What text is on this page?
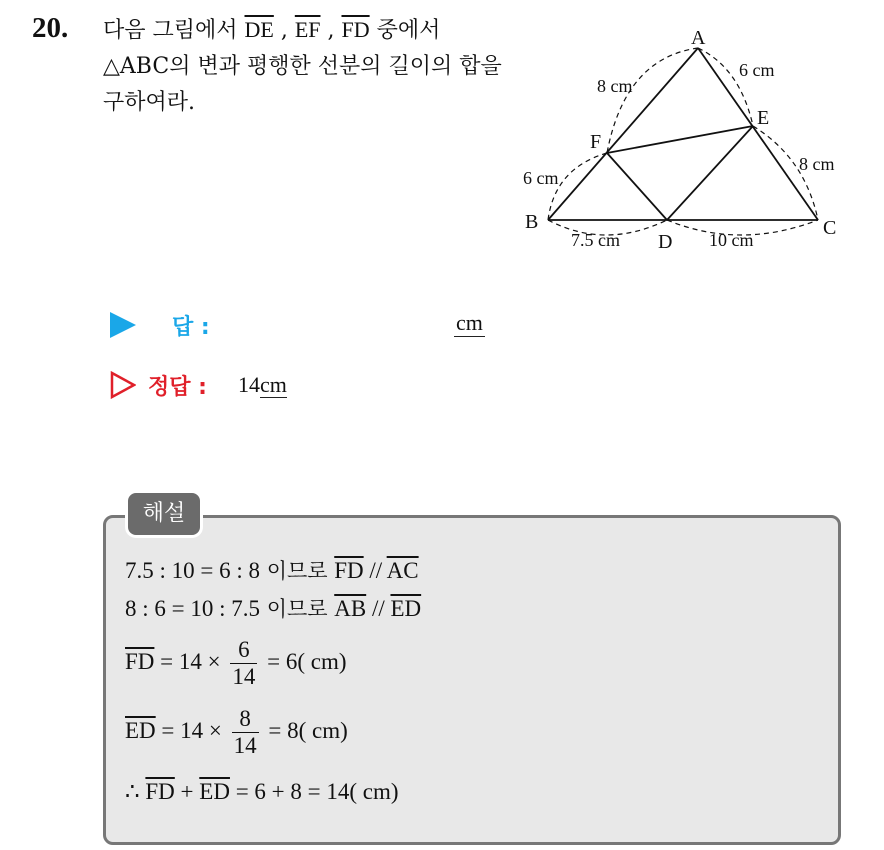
20. 다음 그림에서 $\overline{DE}$ , $\overline{EF}$ , $\overline{FD}$ 중에서 △ABC의 변과 평행한 선분의 길이의 합을 구하여라.
A
B	C
D
E
F
8 cm
6 cm
6 cm
8 cm
7.5 cm	10 cm
답 :	cm
정답 : 14cm
해설
7.5 : 10 = 6 : 8 이므로 $\overline{FD} // \overline{AC}$
8 : 6 = 10 : 7.5 이므로 $\overline{AB} // \overline{ED}$
$\overline{FD} = 14 \times \frac{6}{14} = 6$( cm)
$\overline{ED} = 14 \times \frac{8}{14} = 8$( cm)
∴ $\overline{FD} + \overline{ED} = 6 + 8 = 14$( cm)
